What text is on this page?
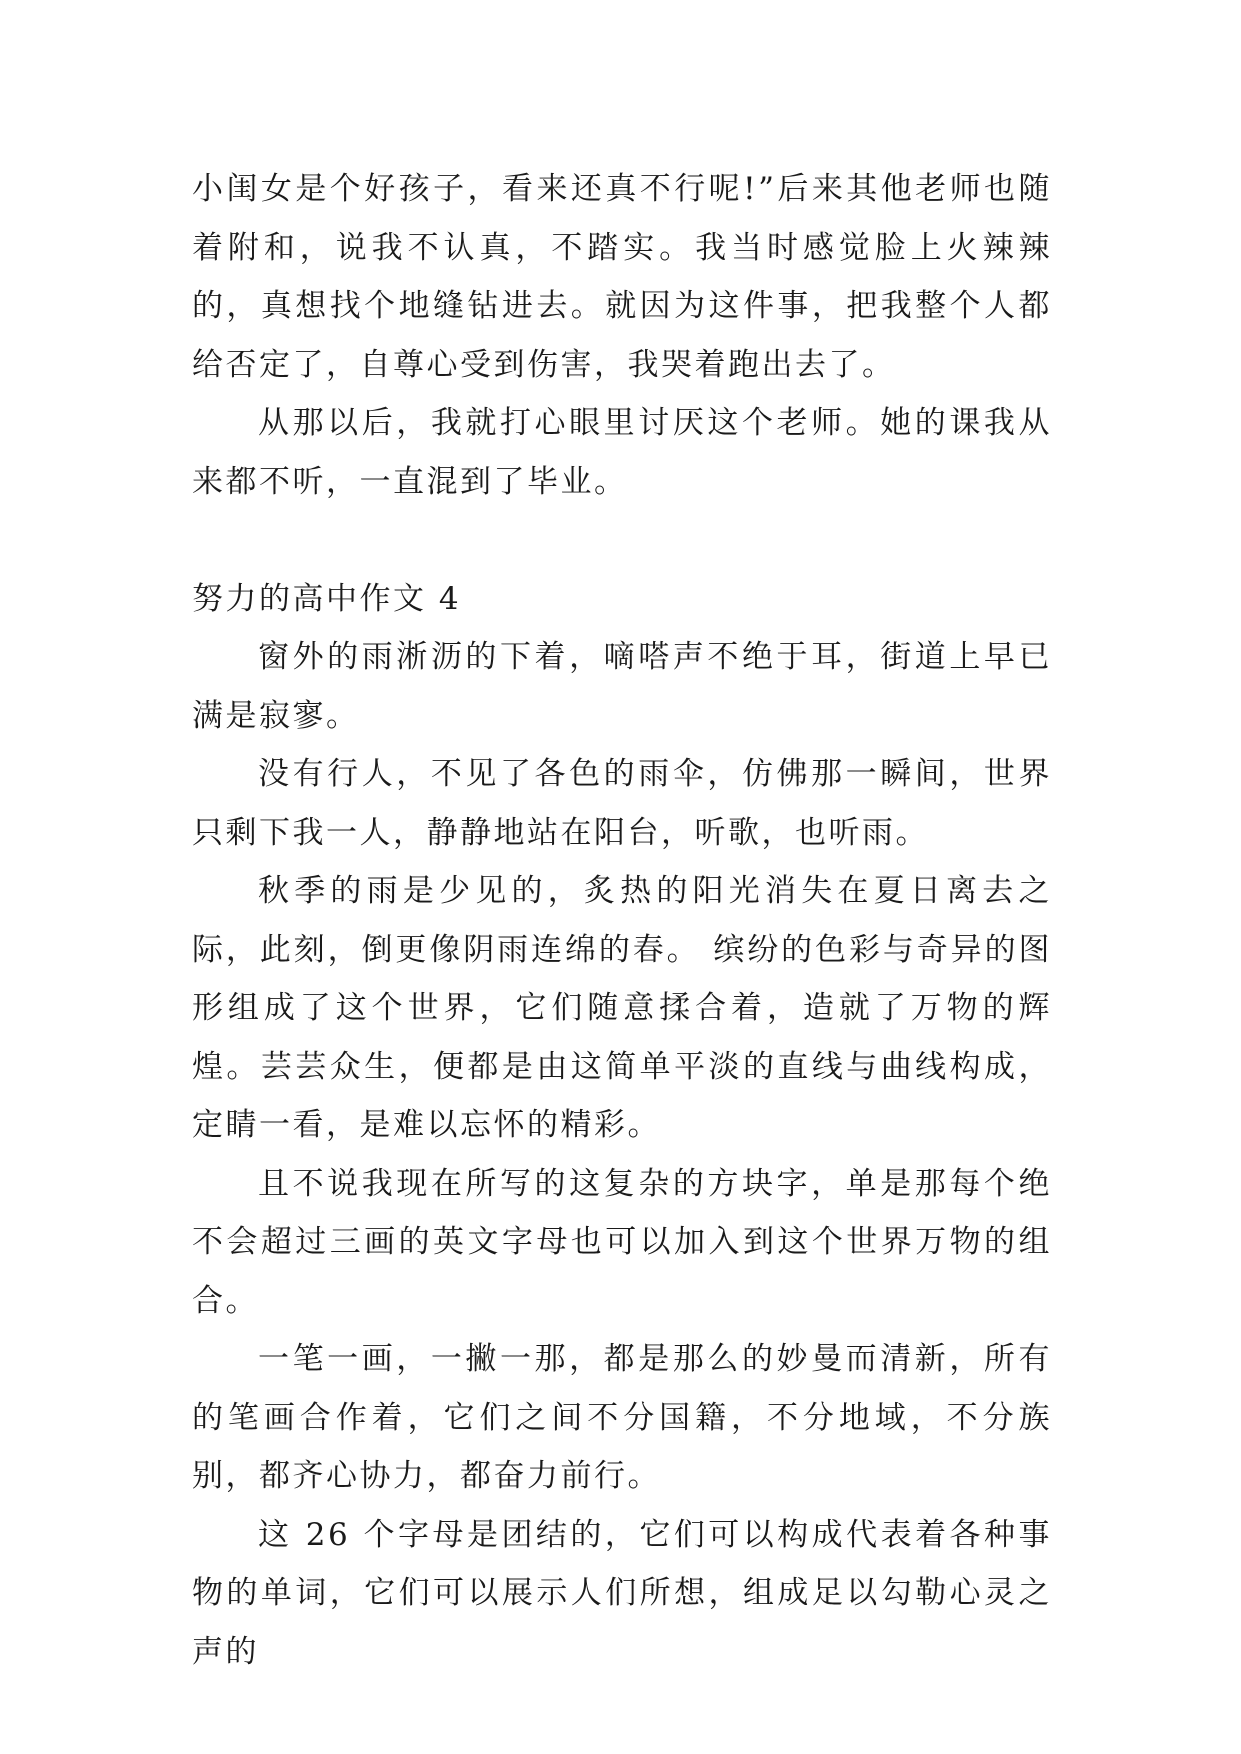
小闺女是个好孩子，看来还真不行呢!”后来其他老师也随着附和，说我不认真，不踏实。我当时感觉脸上火辣辣的，真想找个地缝钻进去。就因为这件事，把我整个人都给否定了，自尊心受到伤害，我哭着跑出去了。

从那以后，我就打心眼里讨厌这个老师。她的课我从来都不听，一直混到了毕业。

努力的高中作文 4

窗外的雨淅沥的下着，嘀嗒声不绝于耳，街道上早已满是寂寥。

没有行人，不见了各色的雨伞，仿佛那一瞬间，世界只剩下我一人，静静地站在阳台，听歌，也听雨。

秋季的雨是少见的，炙热的阳光消失在夏日离去之际，此刻，倒更像阴雨连绵的春。 缤纷的色彩与奇异的图形组成了这个世界，它们随意揉合着，造就了万物的辉煌。芸芸众生，便都是由这简单平淡的直线与曲线构成，定睛一看，是难以忘怀的精彩。

且不说我现在所写的这复杂的方块字，单是那每个绝不会超过三画的英文字母也可以加入到这个世界万物的组合。

一笔一画，一撇一那，都是那么的妙曼而清新，所有的笔画合作着，它们之间不分国籍，不分地域，不分族别，都齐心协力，都奋力前行。

这 26 个字母是团结的，它们可以构成代表着各种事物的单词，它们可以展示人们所想，组成足以勾勒心灵之声的
